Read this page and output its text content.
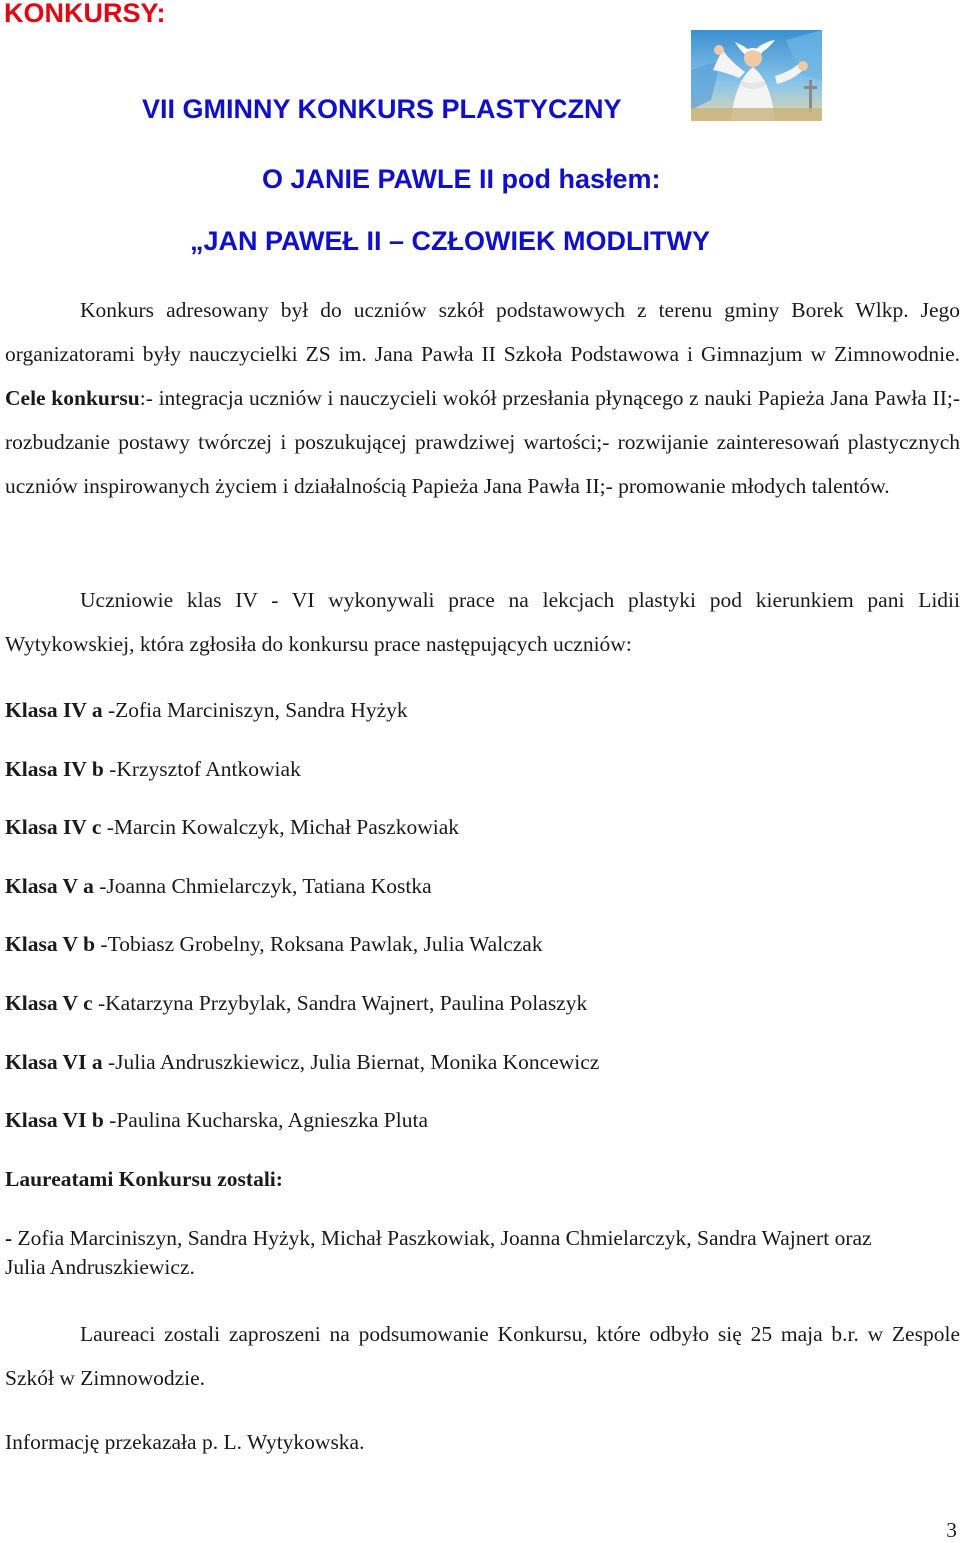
KONKURSY:
VII GMINNY KONKURS PLASTYCZNY
O JANIE PAWLE II pod hasłem:
„JAN PAWEŁ II – CZŁOWIEK MODLITWY

Konkurs adresowany był do uczniów szkół podstawowych z terenu gminy Borek Wlkp. Jego organizatorami były nauczycielki ZS im. Jana Pawła II Szkoła Podstawowa i Gimnazjum w Zimnowodnie. Cele konkursu:- integracja uczniów i nauczycieli wokół przesłania płynącego z nauki Papieża Jana Pawła II;- rozbudzanie postawy twórczej i poszukującej prawdziwej wartości;- rozwijanie zainteresowań plastycznych uczniów inspirowanych życiem i działalnością Papieża Jana Pawła II;- promowanie młodych talentów.

Uczniowie klas IV - VI wykonywali prace na lekcjach plastyki pod kierunkiem pani Lidii Wytykowskiej, która zgłosiła do konkursu prace następujących uczniów:

Klasa IV a -Zofia Marciniszyn, Sandra Hyżyk

Klasa IV b -Krzysztof Antkowiak

Klasa IV c -Marcin Kowalczyk, Michał Paszkowiak

Klasa V a -Joanna Chmielarczyk, Tatiana Kostka

Klasa V b -Tobiasz Grobelny, Roksana Pawlak, Julia Walczak

Klasa V c -Katarzyna Przybylak, Sandra Wajnert, Paulina Polaszyk

Klasa VI a -Julia Andruszkiewicz, Julia Biernat, Monika Koncewicz

Klasa VI b -Paulina Kucharska, Agnieszka Pluta

Laureatami Konkursu zostali:

- Zofia Marciniszyn, Sandra Hyżyk, Michał Paszkowiak, Joanna Chmielarczyk, Sandra Wajnert oraz Julia Andruszkiewicz.

Laureaci zostali zaproszeni na podsumowanie Konkursu, które odbyło się 25 maja b.r. w Zespole Szkół w Zimnowodzie.

Informację przekazała p. L. Wytykowska.

3
